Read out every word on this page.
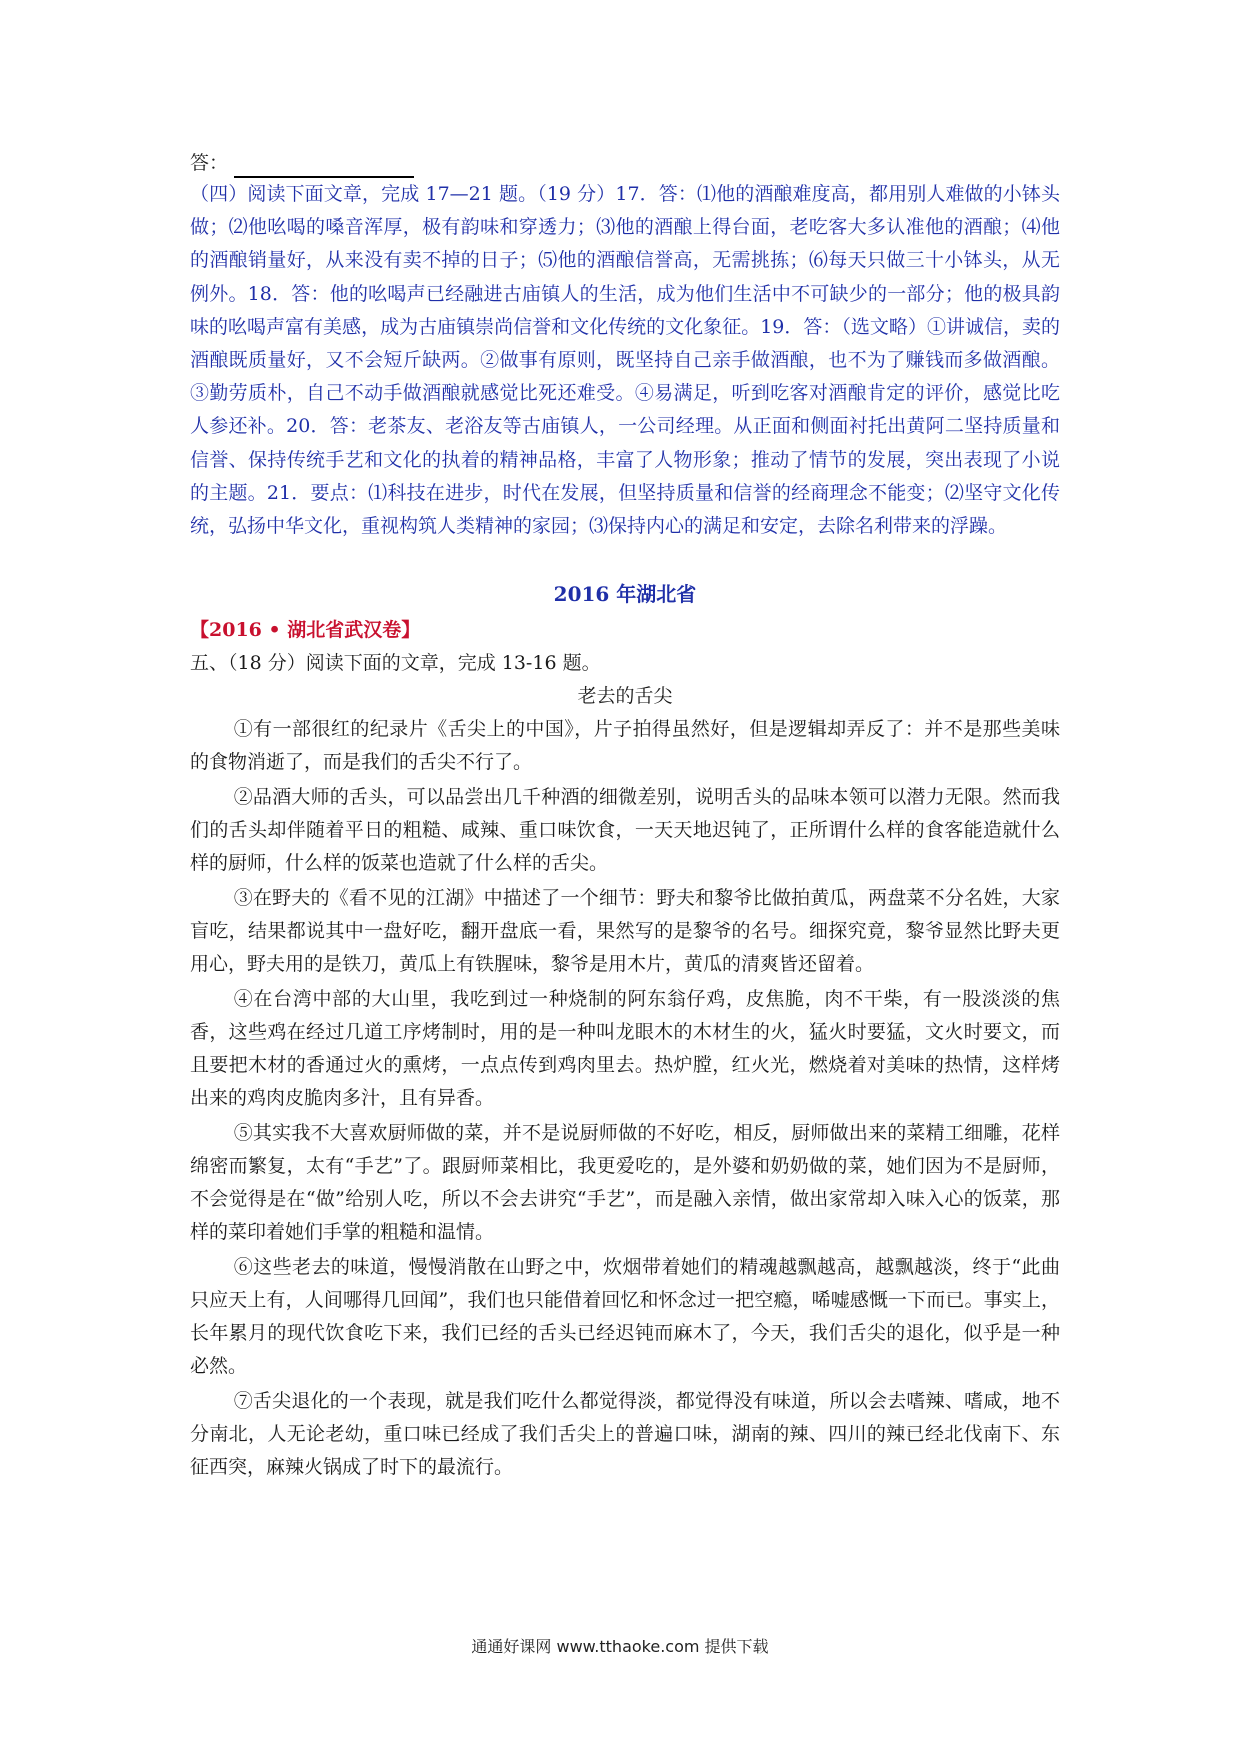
答：

（四）阅读下面文章，完成 17—21 题。（19 分）17．答：⑴他的酒酿难度高，都用别人难做的小钵头做；⑵他吆喝的嗓音浑厚，极有韵味和穿透力；⑶他的酒酿上得台面，老吃客大多认准他的酒酿；⑷他的酒酿销量好，从来没有卖不掉的日子；⑸他的酒酿信誉高，无需挑拣；⑹每天只做三十小钵头，从无例外。18．答：他的吆喝声已经融进古庙镇人的生活，成为他们生活中不可缺少的一部分；他的极具韵味的吆喝声富有美感，成为古庙镇崇尚信誉和文化传统的文化象征。19．答：（选文略）①讲诚信，卖的酒酿既质量好，又不会短斤缺两。②做事有原则，既坚持自己亲手做酒酿，也不为了赚钱而多做酒酿。③勤劳质朴，自己不动手做酒酿就感觉比死还难受。④易满足，听到吃客对酒酿肯定的评价，感觉比吃人参还补。20．答：老茶友、老浴友等古庙镇人，一公司经理。从正面和侧面衬托出黄阿二坚持质量和信誉、保持传统手艺和文化的执着的精神品格，丰富了人物形象；推动了情节的发展，突出表现了小说的主题。21．要点：⑴科技在进步，时代在发展，但坚持质量和信誉的经商理念不能变；⑵坚守文化传统，弘扬中华文化，重视构筑人类精神的家园；⑶保持内心的满足和安定，去除名利带来的浮躁。

2016 年湖北省
【2016 • 湖北省武汉卷】
五、（18 分）阅读下面的文章，完成 13-16 题。
老去的舌尖

①有一部很红的纪录片《舌尖上的中国》，片子拍得虽然好，但是逻辑却弄反了：并不是那些美味的食物消逝了，而是我们的舌尖不行了。

②品酒大师的舌头，可以品尝出几千种酒的细微差别，说明舌头的品味本领可以潜力无限。然而我们的舌头却伴随着平日的粗糙、咸辣、重口味饮食，一天天地迟钝了，正所谓什么样的食客能造就什么样的厨师，什么样的饭菜也造就了什么样的舌尖。

③在野夫的《看不见的江湖》中描述了一个细节：野夫和黎爷比做拍黄瓜，两盘菜不分名姓，大家盲吃，结果都说其中一盘好吃，翻开盘底一看，果然写的是黎爷的名号。细探究竟，黎爷显然比野夫更用心，野夫用的是铁刀，黄瓜上有铁腥味，黎爷是用木片，黄瓜的清爽皆还留着。

④在台湾中部的大山里，我吃到过一种烧制的阿东翁仔鸡，皮焦脆，肉不干柴，有一股淡淡的焦香，这些鸡在经过几道工序烤制时，用的是一种叫龙眼木的木材生的火，猛火时要猛，文火时要文，而且要把木材的香通过火的熏烤，一点点传到鸡肉里去。热炉膛，红火光，燃烧着对美味的热情，这样烤出来的鸡肉皮脆肉多汁，且有异香。

⑤其实我不大喜欢厨师做的菜，并不是说厨师做的不好吃，相反，厨师做出来的菜精工细雕，花样绵密而繁复，太有“手艺”了。跟厨师菜相比，我更爱吃的，是外婆和奶奶做的菜，她们因为不是厨师，不会觉得是在“做”给别人吃，所以不会去讲究“手艺”，而是融入亲情，做出家常却入味入心的饭菜，那样的菜印着她们手掌的粗糙和温情。

⑥这些老去的味道，慢慢消散在山野之中，炊烟带着她们的精魂越飘越高，越飘越淡，终于“此曲只应天上有，人间哪得几回闻”，我们也只能借着回忆和怀念过一把空瘾，唏嘘感慨一下而已。事实上，长年累月的现代饮食吃下来，我们已经的舌头已经迟钝而麻木了，今天，我们舌尖的退化，似乎是一种必然。

⑦舌尖退化的一个表现，就是我们吃什么都觉得淡，都觉得没有味道，所以会去嗜辣、嗜咸，地不分南北，人无论老幼，重口味已经成了我们舌尖上的普遍口味，湖南的辣、四川的辣已经北伐南下、东征西突，麻辣火锅成了时下的最流行。

通通好课网 www.tthaoke.com 提供下载
